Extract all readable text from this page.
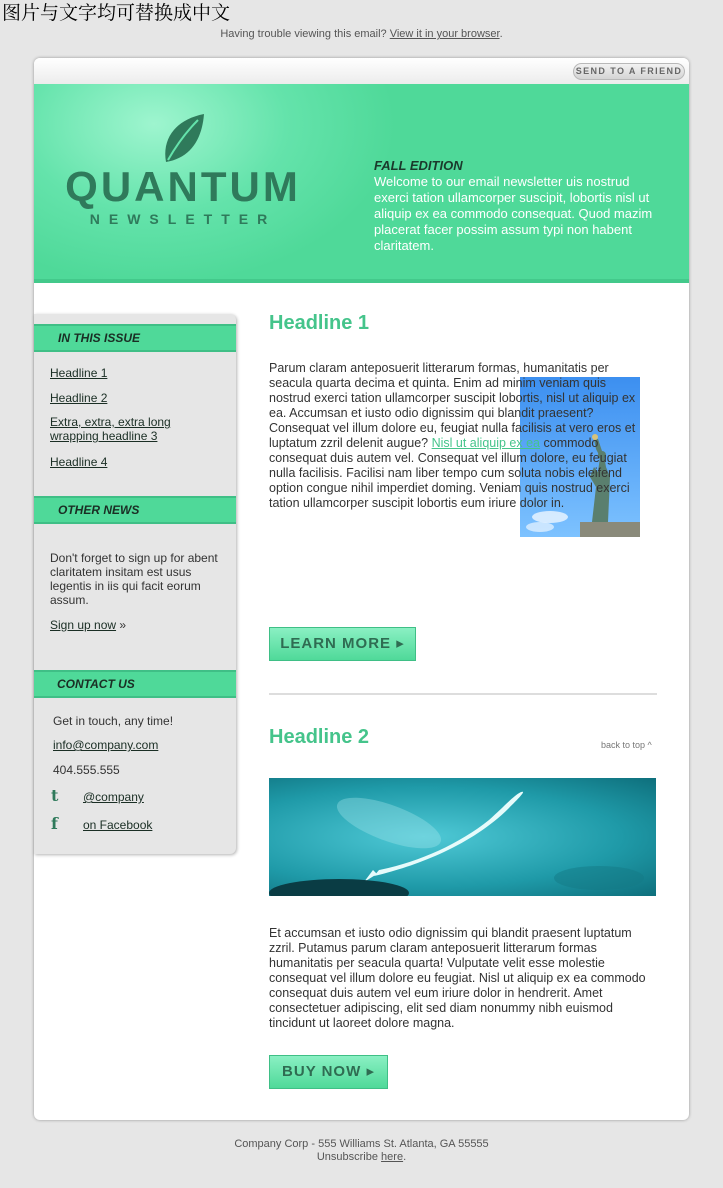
图片与文字均可替换成中文
Having trouble viewing this email? View it in your browser.
SEND TO A FRIEND
QUANTUM
NEWSLETTER
FALL EDITION
Welcome to our email newsletter uis nostrud exerci tation ullamcorper suscipit, lobortis nisl ut aliquip ex ea commodo consequat. Quod mazim placerat facer possim assum typi non habent claritatem.
IN THIS ISSUE
Headline 1
Headline 2
Extra, extra, extra long wrapping headline 3
Headline 4
OTHER NEWS
Don't forget to sign up for abent claritatem insitam est usus legentis in iis qui facit eorum assum.
Sign up now »
CONTACT US
Get in touch, any time!
info@company.com
404.555.555
t @company
f on Facebook
Headline 1
Parum claram anteposuerit litterarum formas, humanitatis per seacula quarta decima et quinta. Enim ad minim veniam quis nostrud exerci tation ullamcorper suscipit lobortis, nisl ut aliquip ex ea. Accumsan et iusto odio dignissim qui blandit praesent? Consequat vel illum dolore eu, feugiat nulla facilisis at vero eros et luptatum zzril delenit augue? Nisl ut aliquip ex ea commodo consequat duis autem vel. Consequat vel illum dolore, eu feugiat nulla facilisis. Facilisi nam liber tempo cum soluta nobis eleifend option congue nihil imperdiet doming. Veniam quis nostrud exerci tation ullamcorper suscipit lobortis eum iriure dolor in.
LEARN MORE ▸
Headline 2	back to top ^
Et accumsan et iusto odio dignissim qui blandit praesent luptatum zzril. Putamus parum claram anteposuerit litterarum formas humanitatis per seacula quarta! Vulputate velit esse molestie consequat vel illum dolore eu feugiat. Nisl ut aliquip ex ea commodo consequat duis autem vel eum iriure dolor in hendrerit. Amet consectetuer adipiscing, elit sed diam nonummy nibh euismod tincidunt ut laoreet dolore magna.
BUY NOW ▸
Company Corp - 555 Williams St. Atlanta, GA 55555
Unsubscribe here.
